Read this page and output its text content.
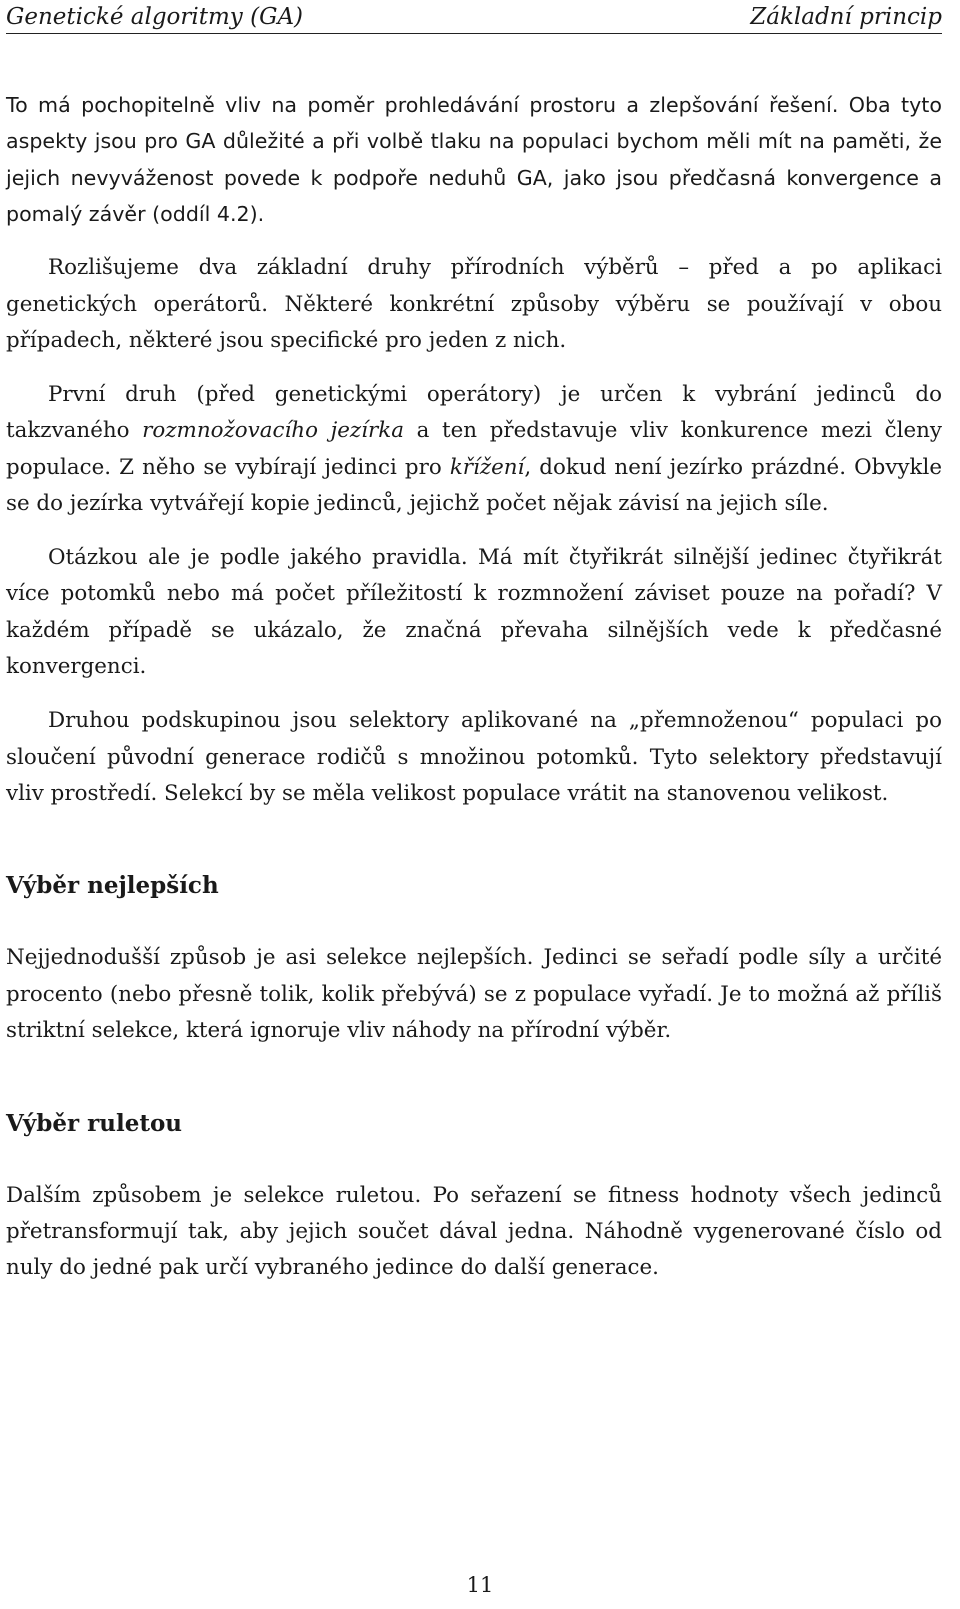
Genetické algoritmy (GA)	Základní princip

To má pochopitelně vliv na poměr prohledávání prostoru a zlepšování řešení. Oba tyto aspekty jsou pro GA důležité a při volbě tlaku na populaci bychom měli mít na paměti, že jejich nevyváženost povede k podpoře neduhů GA, jako jsou předčasná konvergence a pomalý závěr (oddíl 4.2).

Rozlišujeme dva základní druhy přírodních výběrů – před a po aplikaci genetických operátorů. Některé konkrétní způsoby výběru se používají v obou případech, některé jsou specifické pro jeden z nich.

První druh (před genetickými operátory) je určen k vybrání jedinců do takzvaného rozmnožovacího jezírka a ten představuje vliv konkurence mezi členy populace. Z něho se vybírají jedinci pro křížení, dokud není jezírko prázdné. Obvykle se do jezírka vytvářejí kopie jedinců, jejichž počet nějak závisí na jejich síle.

Otázkou ale je podle jakého pravidla. Má mít čtyřikrát silnější jedinec čtyřikrát více potomků nebo má počet příležitostí k rozmnožení záviset pouze na pořadí? V každém případě se ukázalo, že značná převaha silnějších vede k předčasné konvergenci.

Druhou podskupinou jsou selektory aplikované na „přemnoženou“ populaci po sloučení původní generace rodičů s množinou potomků. Tyto selektory představují vliv prostředí. Selekcí by se měla velikost populace vrátit na stanovenou velikost.

Výběr nejlepších

Nejjednodušší způsob je asi selekce nejlepších. Jedinci se seřadí podle síly a určité procento (nebo přesně tolik, kolik přebývá) se z populace vyřadí. Je to možná až příliš striktní selekce, která ignoruje vliv náhody na přírodní výběr.

Výběr ruletou

Dalším způsobem je selekce ruletou. Po seřazení se fitness hodnoty všech jedinců přetransformují tak, aby jejich součet dával jedna. Náhodně vygenerované číslo od nuly do jedné pak určí vybraného jedince do další generace.

11
